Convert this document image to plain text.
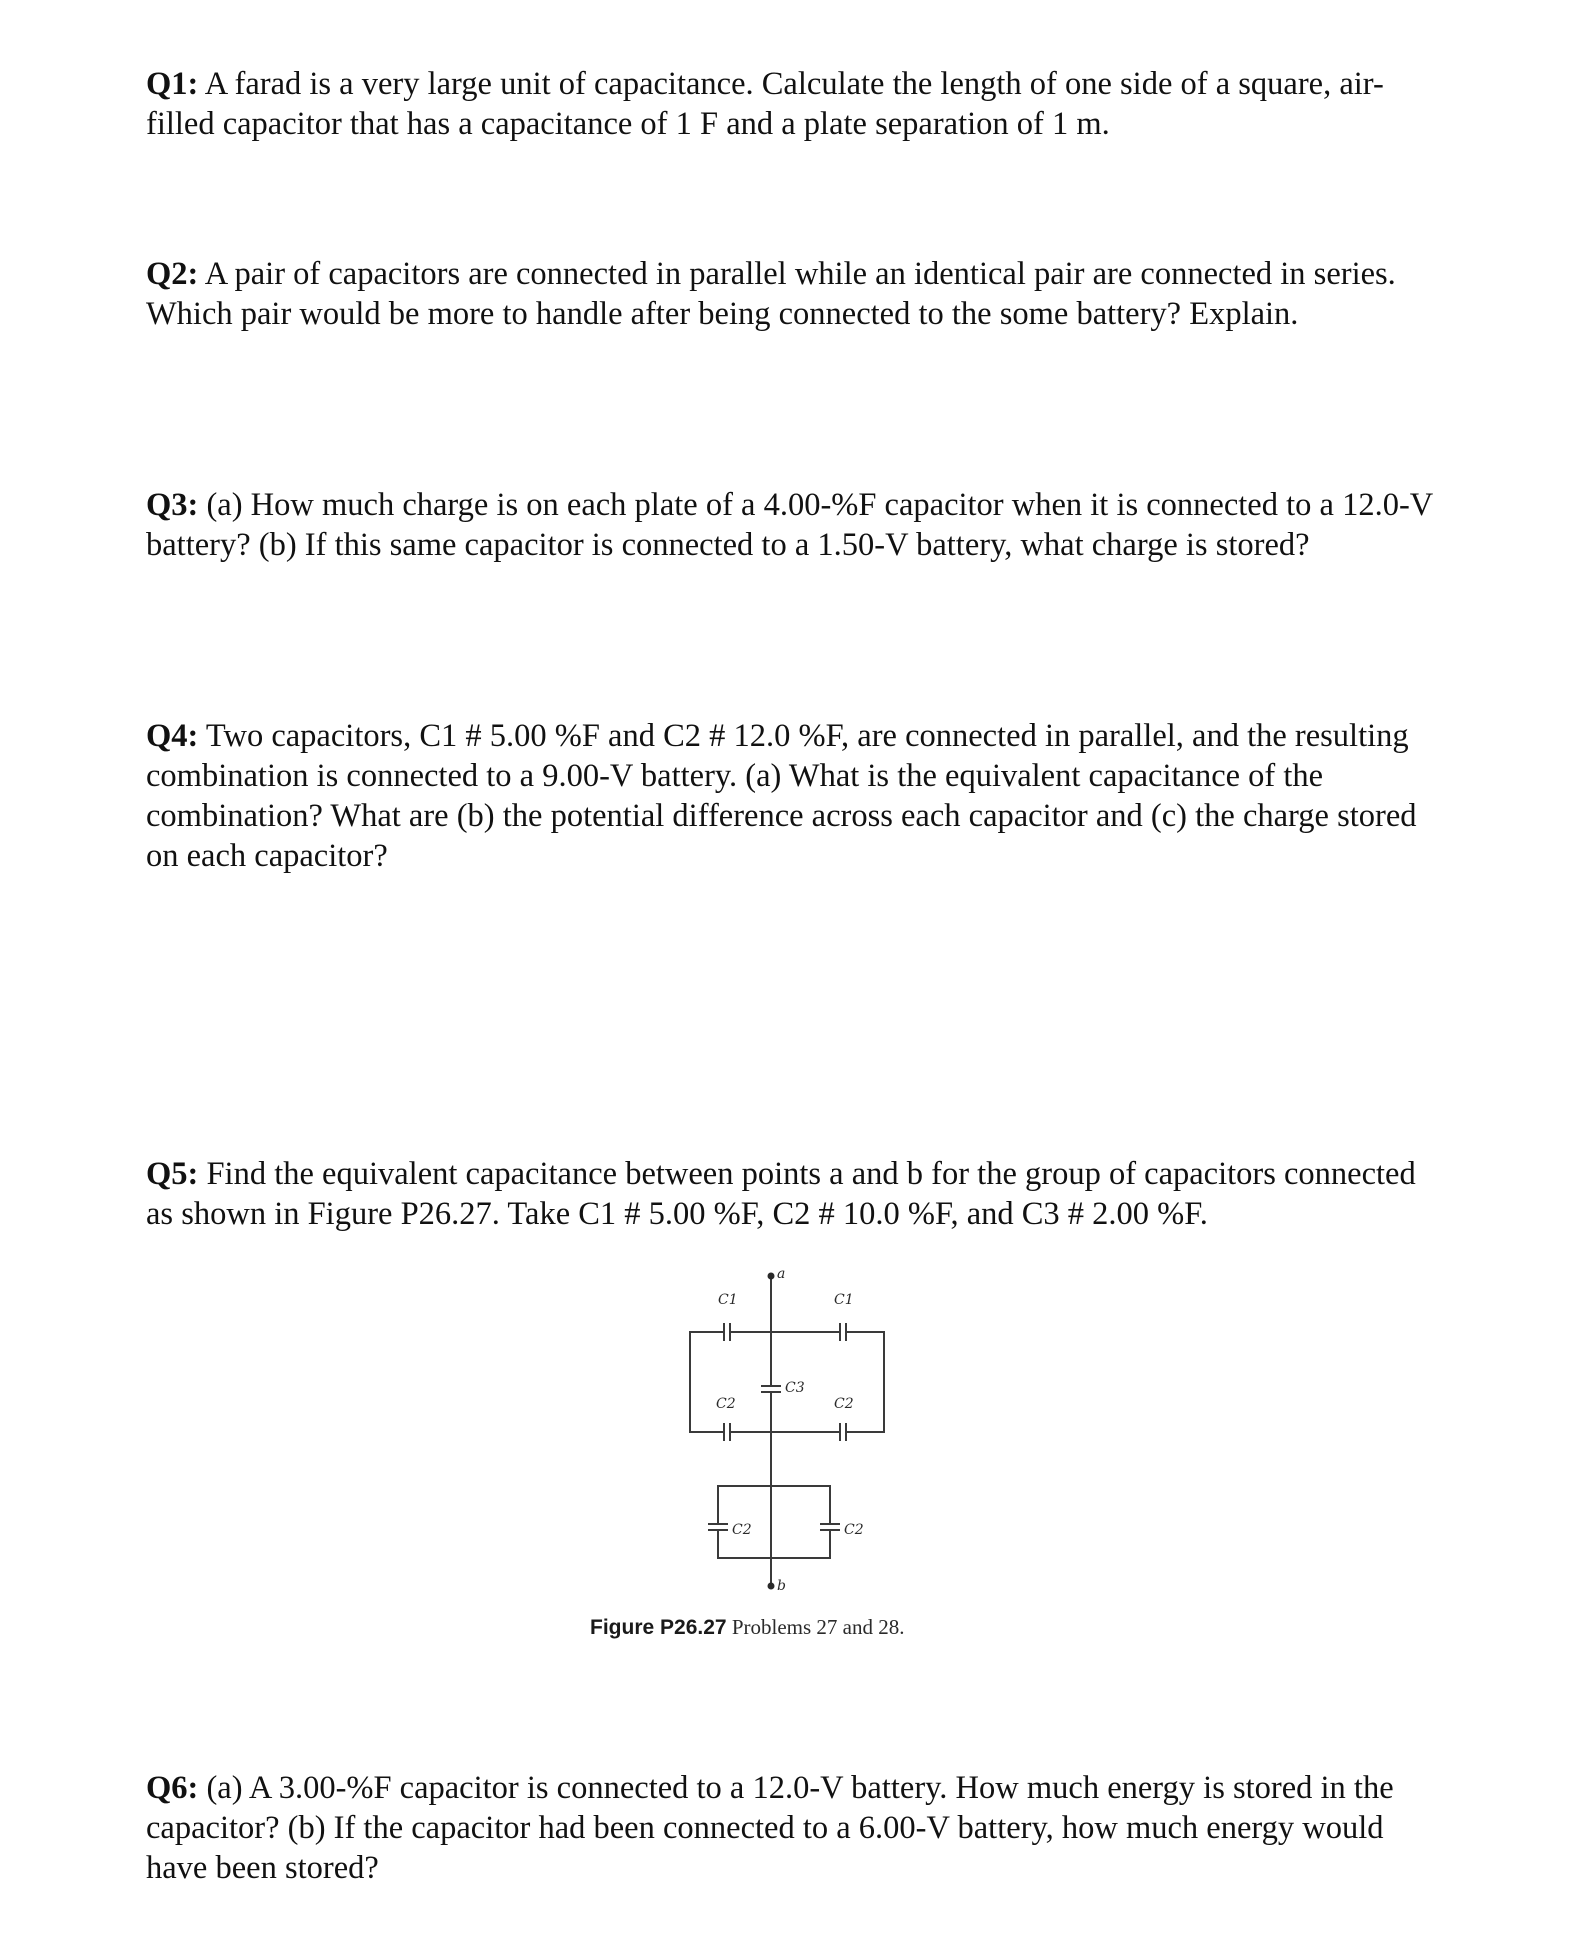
Q1: A farad is a very large unit of capacitance. Calculate the length of one side of a square, air-filled capacitor that has a capacitance of 1 F and a plate separation of 1 m.

Q2: A pair of capacitors are connected in parallel while an identical pair are connected in series. Which pair would be more to handle after being connected to the some battery? Explain.

Q3: (a) How much charge is on each plate of a 4.00-%F capacitor when it is connected to a 12.0-V battery? (b) If this same capacitor is connected to a 1.50-V battery, what charge is stored?

Q4: Two capacitors, C1 # 5.00 %F and C2 # 12.0 %F, are connected in parallel, and the resulting combination is connected to a 9.00-V battery. (a) What is the equivalent capacitance of the combination? What are (b) the potential difference across each capacitor and (c) the charge stored on each capacitor?

Q5: Find the equivalent capacitance between points a and b for the group of capacitors connected as shown in Figure P26.27. Take C1 # 5.00 %F, C2 # 10.0 %F, and C3 # 2.00 %F.

a
b
C1	C1
C2
C3
C2
C2	C2
Figure P26.27 Problems 27 and 28.

Q6: (a) A 3.00-%F capacitor is connected to a 12.0-V battery. How much energy is stored in the capacitor? (b) If the capacitor had been connected to a 6.00-V battery, how much energy would have been stored?
